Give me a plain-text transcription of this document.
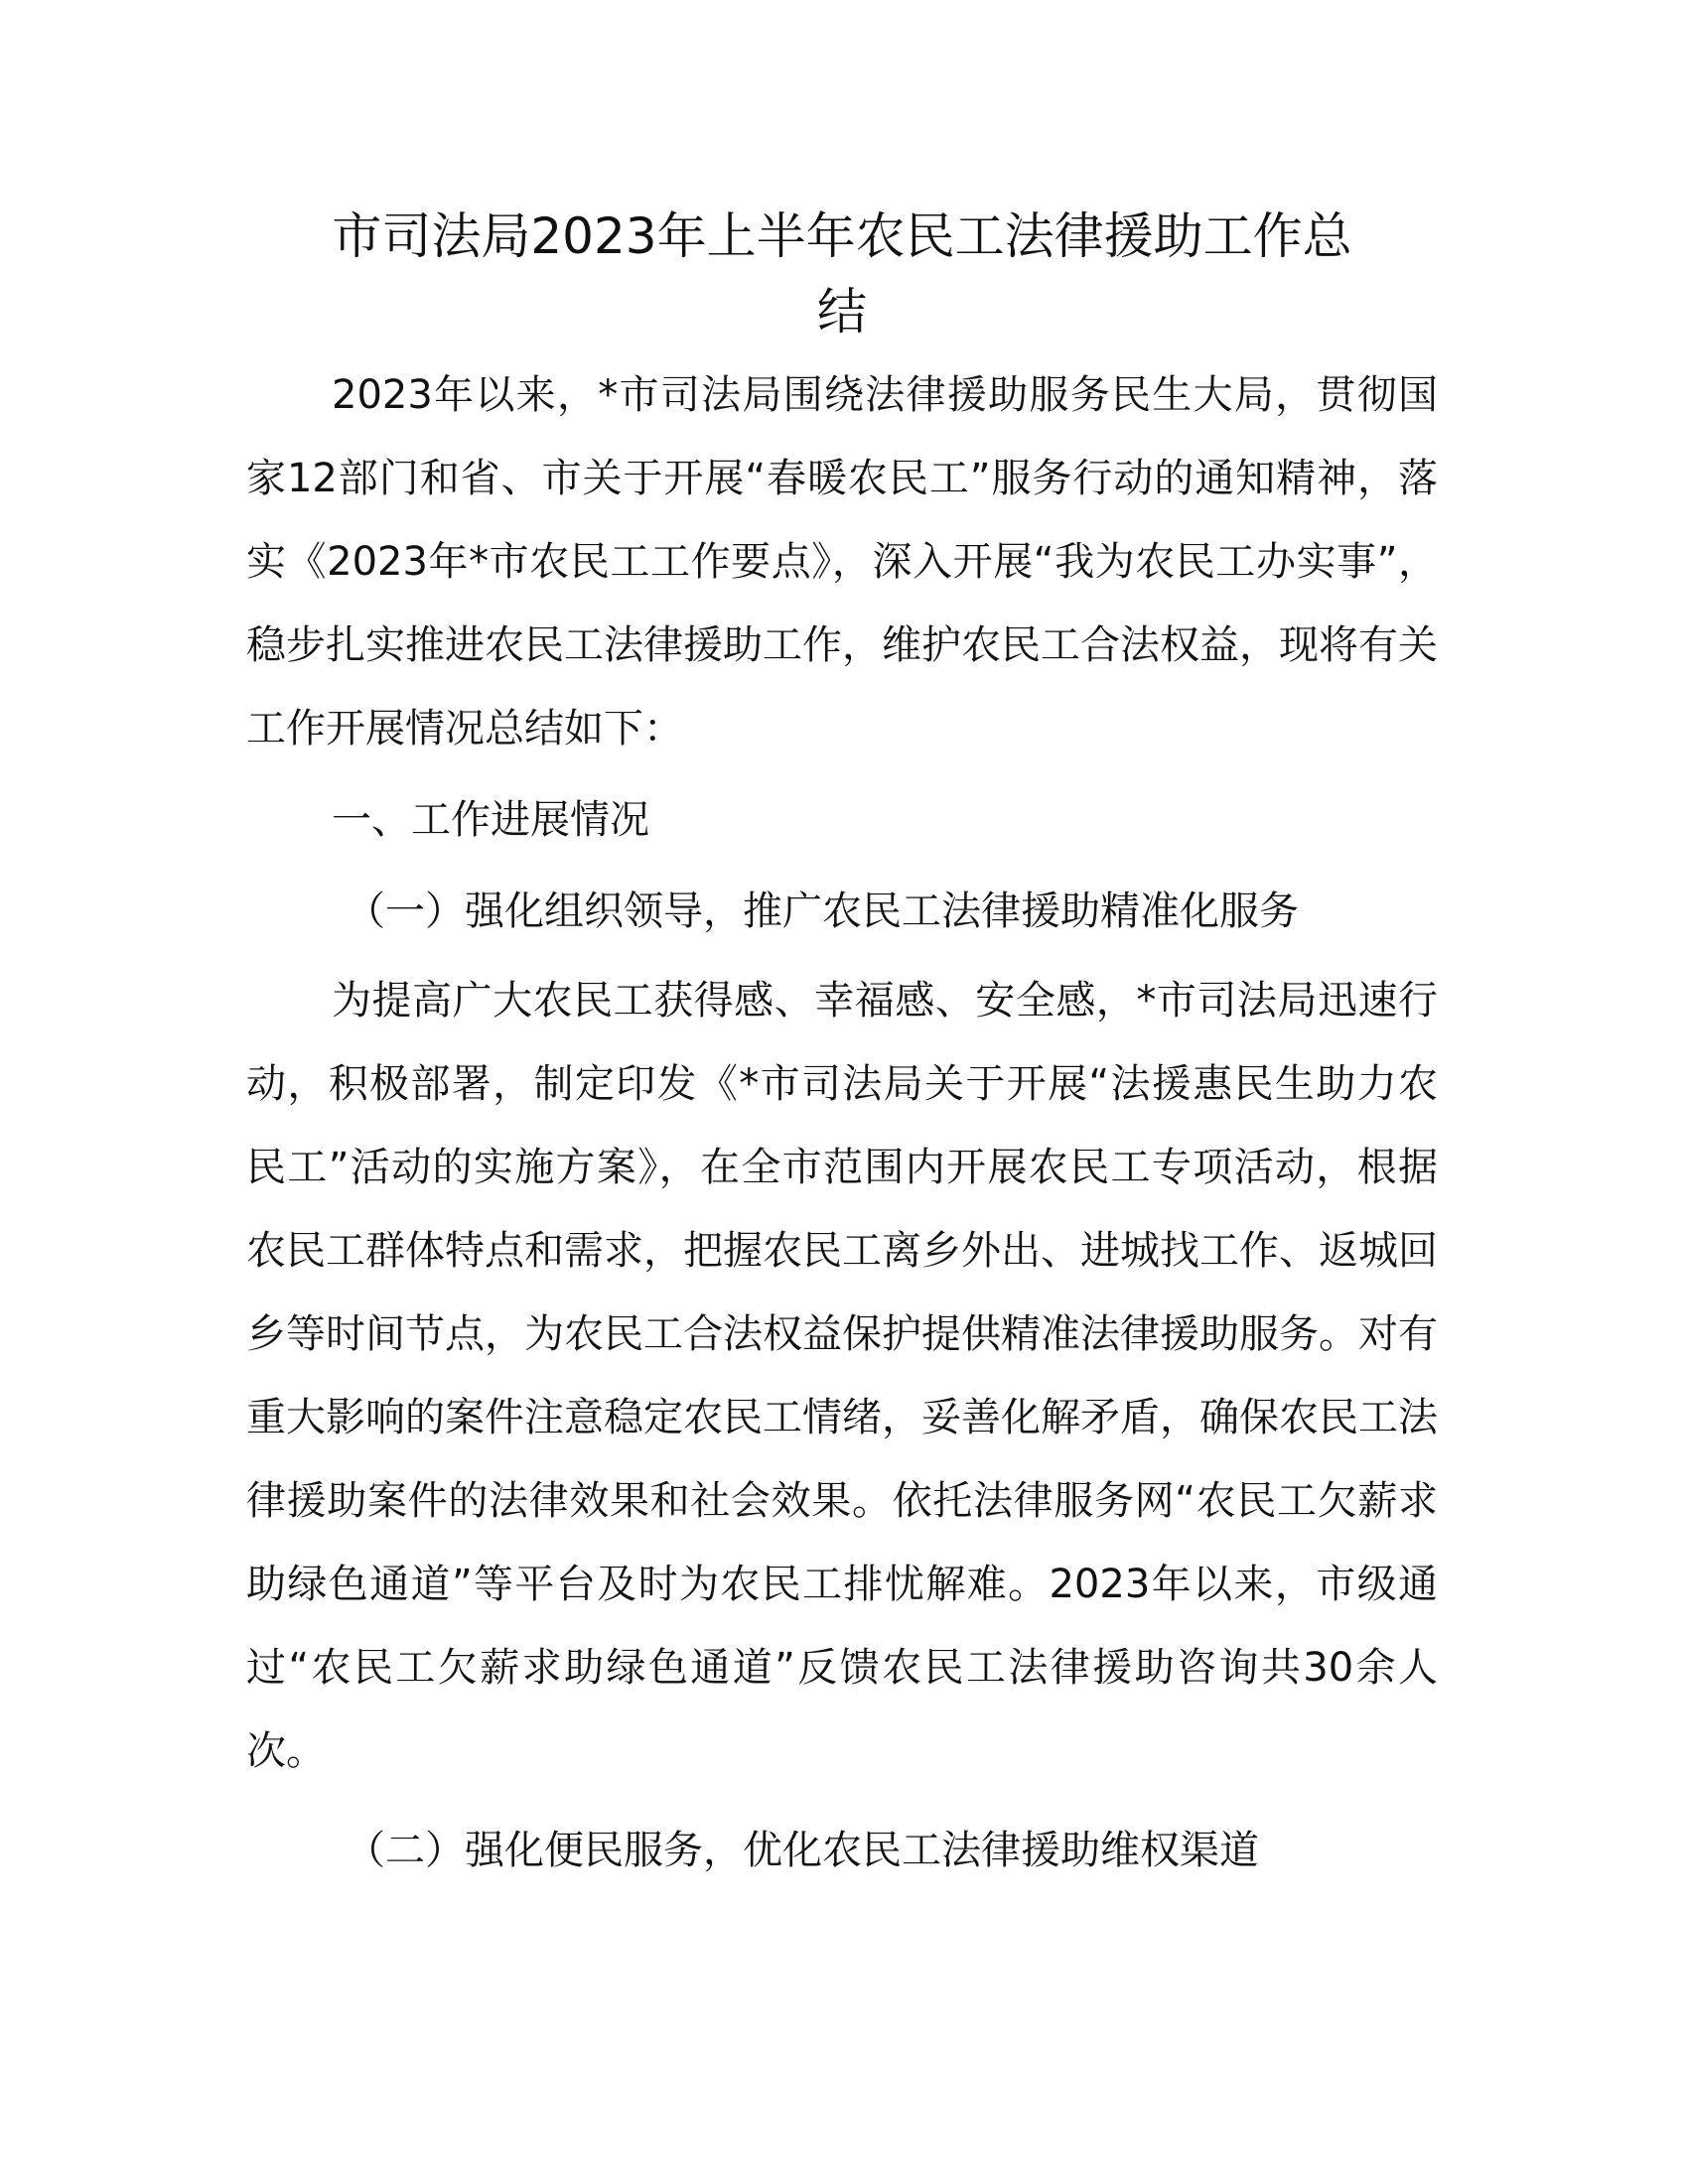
市司法局2023年上半年农民工法律援助工作总
结

2023年以来，*市司法局围绕法律援助服务民生大局，贯彻国家12部门和省、市关于开展“春暖农民工”服务行动的通知精神，落实《2023年*市农民工工作要点》，深入开展“我为农民工办实事”，稳步扎实推进农民工法律援助工作，维护农民工合法权益，现将有关工作开展情况总结如下：

一、工作进展情况

（一）强化组织领导，推广农民工法律援助精准化服务

为提高广大农民工获得感、幸福感、安全感，*市司法局迅速行动，积极部署，制定印发《*市司法局关于开展“法援惠民生助力农民工”活动的实施方案》，在全市范围内开展农民工专项活动，根据农民工群体特点和需求，把握农民工离乡外出、进城找工作、返城回乡等时间节点，为农民工合法权益保护提供精准法律援助服务。对有重大影响的案件注意稳定农民工情绪，妥善化解矛盾，确保农民工法律援助案件的法律效果和社会效果。依托法律服务网“农民工欠薪求助绿色通道”等平台及时为农民工排忧解难。2023年以来，市级通过“农民工欠薪求助绿色通道”反馈农民工法律援助咨询共30余人次。

（二）强化便民服务，优化农民工法律援助维权渠道
